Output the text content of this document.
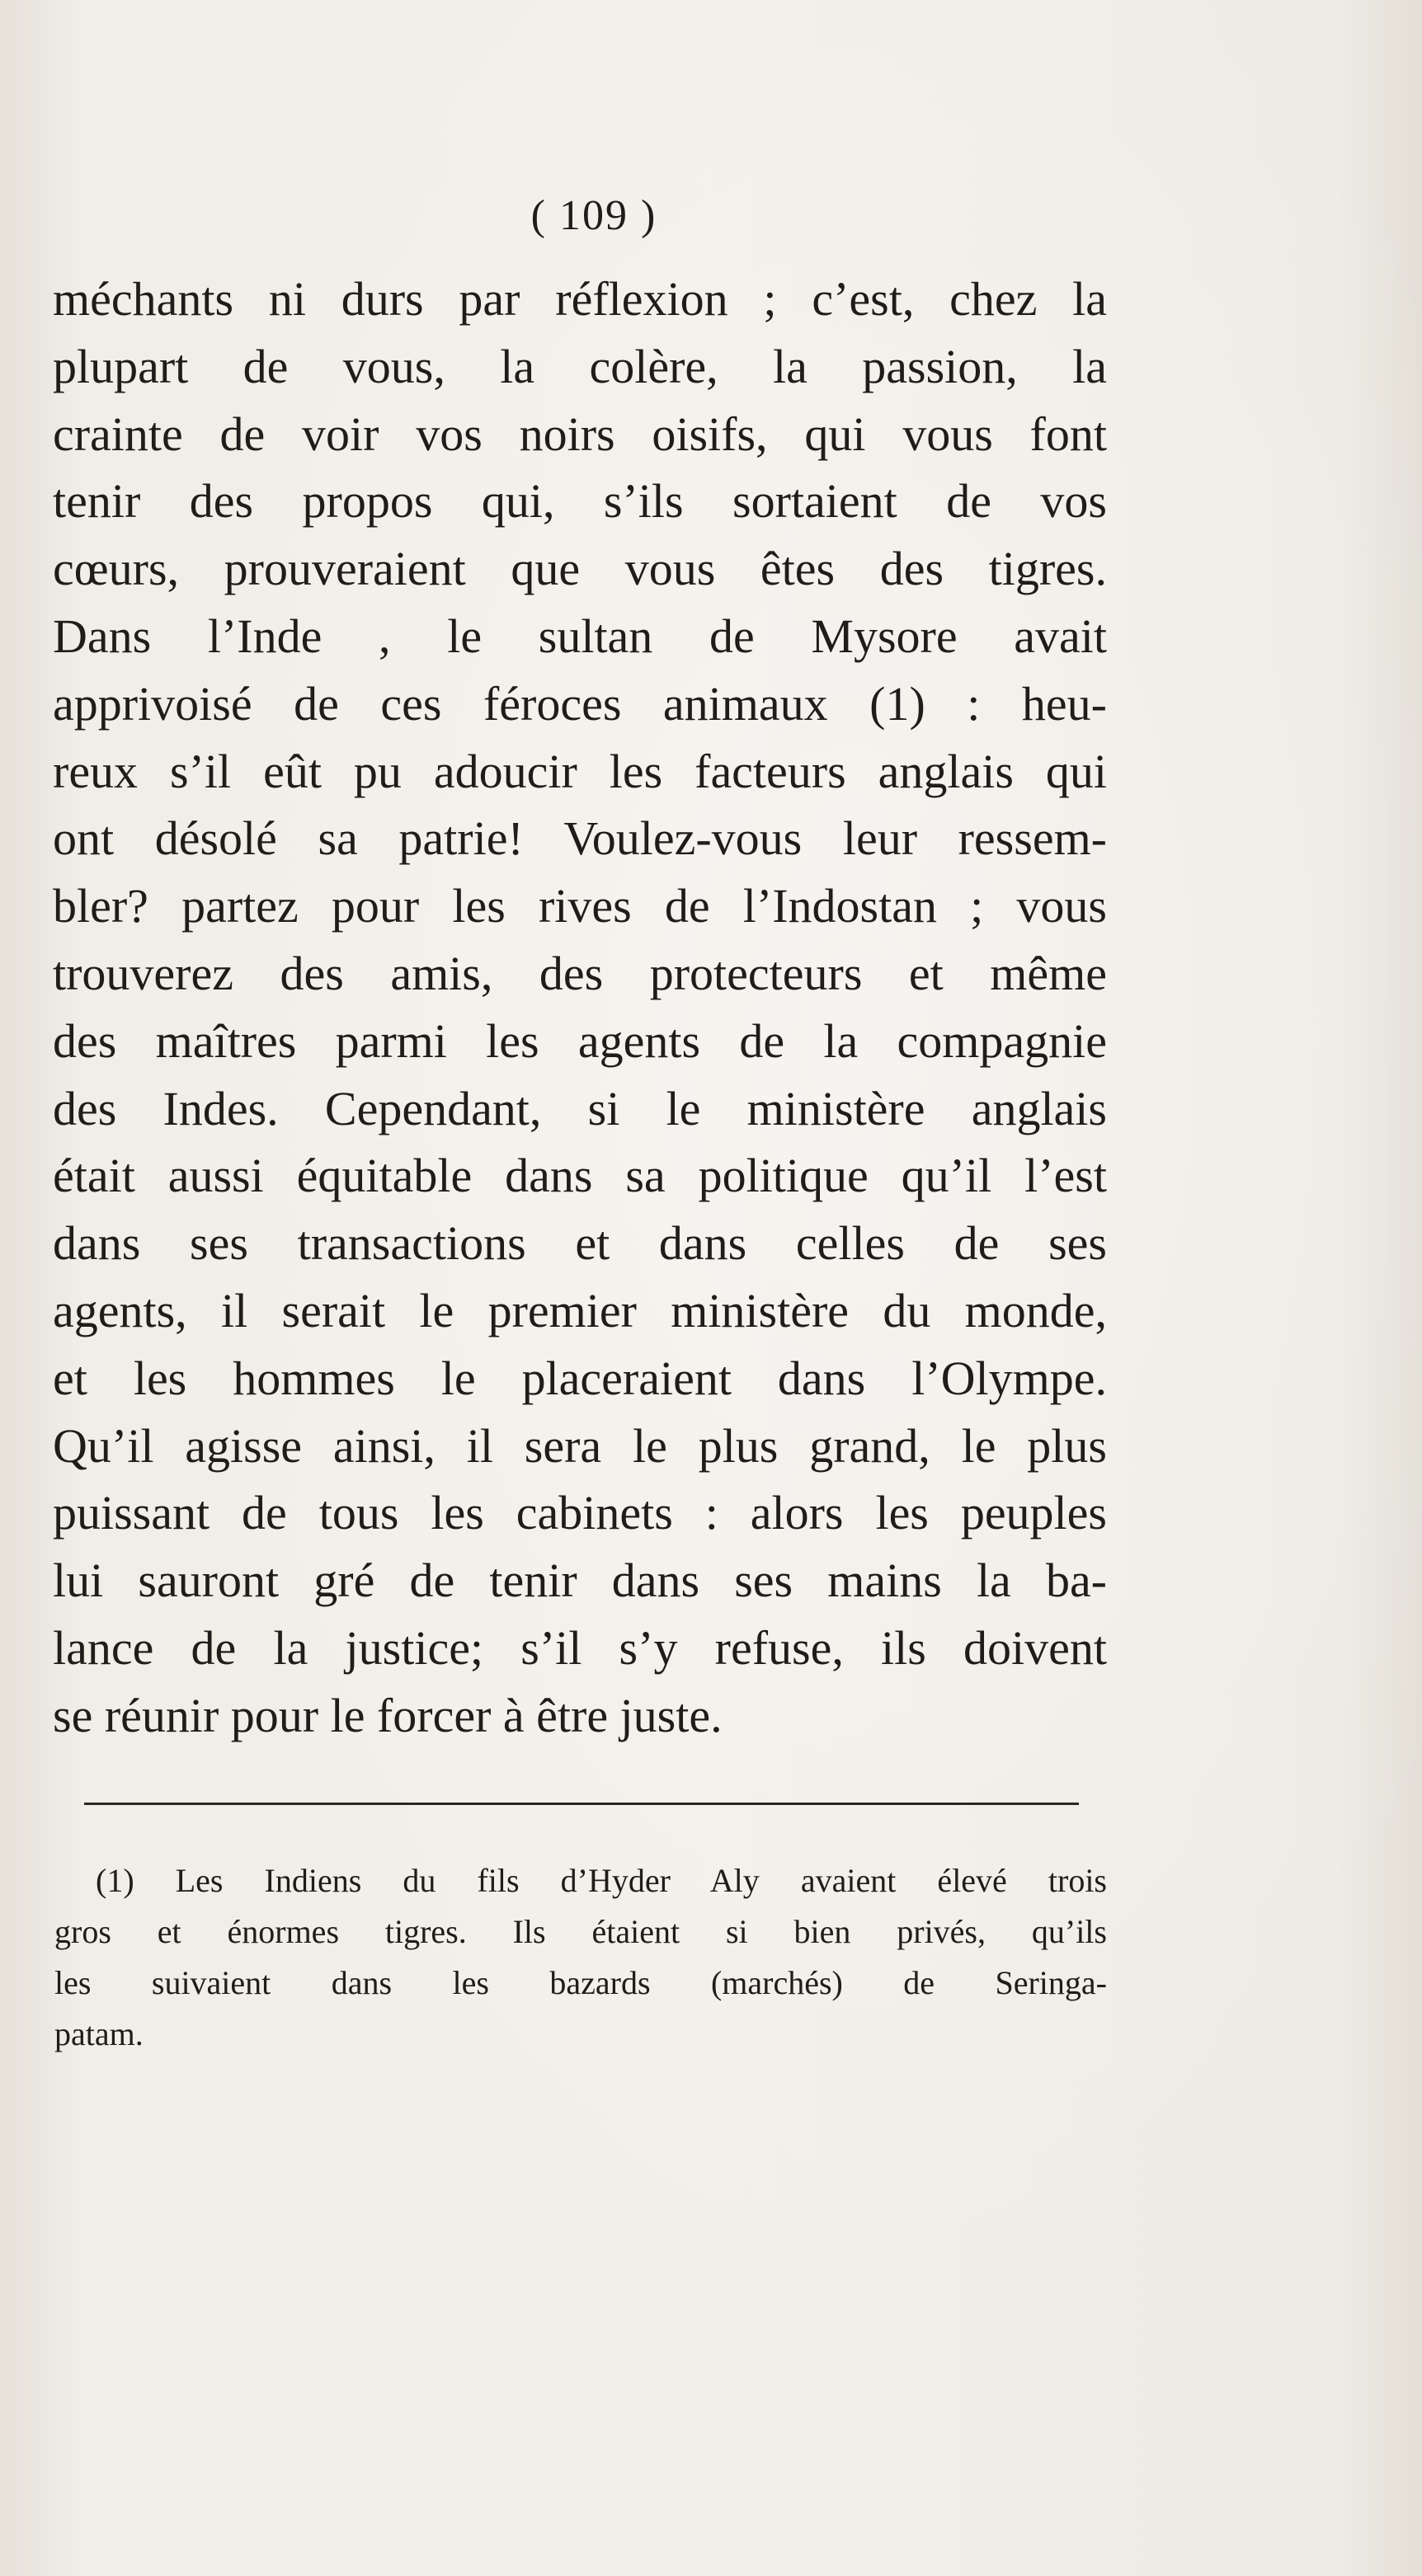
( 109 )

méchants ni durs par réflexion ; c’est, chez la
plupart de vous, la colère, la passion, la
crainte de voir vos noirs oisifs, qui vous font
tenir des propos qui, s’ils sortaient de vos
cœurs, prouveraient que vous êtes des tigres.
Dans l’Inde , le sultan de Mysore avait
apprivoisé de ces féroces animaux (1) : heu-
reux s’il eût pu adoucir les facteurs anglais qui
ont désolé sa patrie! Voulez-vous leur ressem-
bler? partez pour les rives de l’Indostan ; vous
trouverez des amis, des protecteurs et même
des maîtres parmi les agents de la compagnie
des Indes. Cependant, si le ministère anglais
était aussi équitable dans sa politique qu’il l’est
dans ses transactions et dans celles de ses
agents, il serait le premier ministère du monde,
et les hommes le placeraient dans l’Olympe.
Qu’il agisse ainsi, il sera le plus grand, le plus
puissant de tous les cabinets : alors les peuples
lui sauront gré de tenir dans ses mains la ba-
lance de la justice; s’il s’y refuse, ils doivent
se réunir pour le forcer à être juste.

(1) Les Indiens du fils d’Hyder Aly avaient élevé trois
gros et énormes tigres. Ils étaient si bien privés, qu’ils
les suivaient dans les bazards (marchés) de Seringa-
patam.
